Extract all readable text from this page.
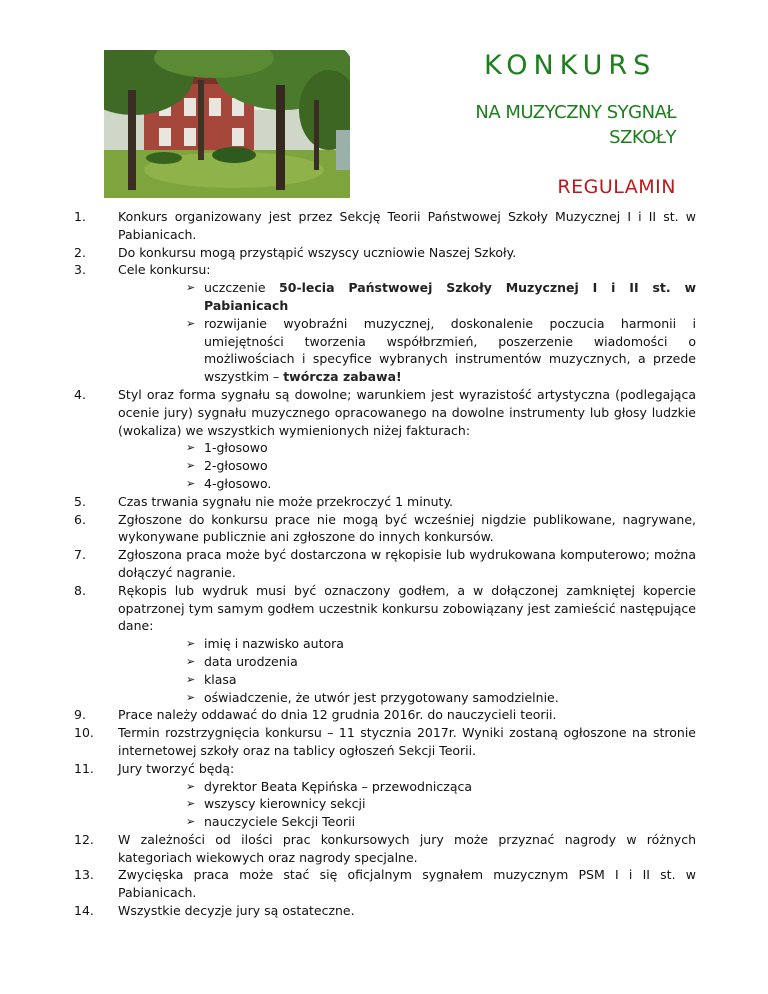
KONKURS
NA MUZYCZNY SYGNAŁ
SZKOŁY
REGULAMIN
1.	Konkurs organizowany jest przez Sekcję Teorii Państwowej Szkoły Muzycznej I i II st. w Pabianicach.
2.	Do konkursu mogą przystąpić wszyscy uczniowie Naszej Szkoły.
3.	Cele konkursu:
➢ uczczenie 50-lecia Państwowej Szkoły Muzycznej I i II st. w Pabianicach
➢ rozwijanie wyobraźni muzycznej, doskonalenie poczucia harmonii i umiejętności tworzenia współbrzmień, poszerzenie wiadomości o możliwościach i specyfice wybranych instrumentów muzycznych, a przede wszystkim – twórcza zabawa!
4.	Styl oraz forma sygnału są dowolne; warunkiem jest wyrazistość artystyczna (podlegająca ocenie jury) sygnału muzycznego opracowanego na dowolne instrumenty lub głosy ludzkie (wokaliza) we wszystkich wymienionych niżej fakturach:
➢ 1-głosowo
➢ 2-głosowo
➢ 4-głosowo.
5.	Czas trwania sygnału nie może przekroczyć 1 minuty.
6.	Zgłoszone do konkursu prace nie mogą być wcześniej nigdzie publikowane, nagrywane, wykonywane publicznie ani zgłoszone do innych konkursów.
7.	Zgłoszona praca może być dostarczona w rękopisie lub wydrukowana komputerowo; można dołączyć nagranie.
8.	Rękopis lub wydruk musi być oznaczony godłem, a w dołączonej zamkniętej kopercie opatrzonej tym samym godłem uczestnik konkursu zobowiązany jest zamieścić następujące dane:
➢ imię i nazwisko autora
➢ data urodzenia
➢ klasa
➢ oświadczenie, że utwór jest przygotowany samodzielnie.
9.	Prace należy oddawać do dnia 12 grudnia 2016r. do nauczycieli teorii.
10.	Termin rozstrzygnięcia konkursu – 11 stycznia 2017r. Wyniki zostaną ogłoszone na stronie internetowej szkoły oraz na tablicy ogłoszeń Sekcji Teorii.
11.	Jury tworzyć będą:
➢ dyrektor Beata Kępińska – przewodnicząca
➢ wszyscy kierownicy sekcji
➢ nauczyciele Sekcji Teorii
12.	W zależności od ilości prac konkursowych jury może przyznać nagrody w różnych kategoriach wiekowych oraz nagrody specjalne.
13.	Zwycięska praca może stać się oficjalnym sygnałem muzycznym PSM I i II st. w Pabianicach.
14.	Wszystkie decyzje jury są ostateczne.
